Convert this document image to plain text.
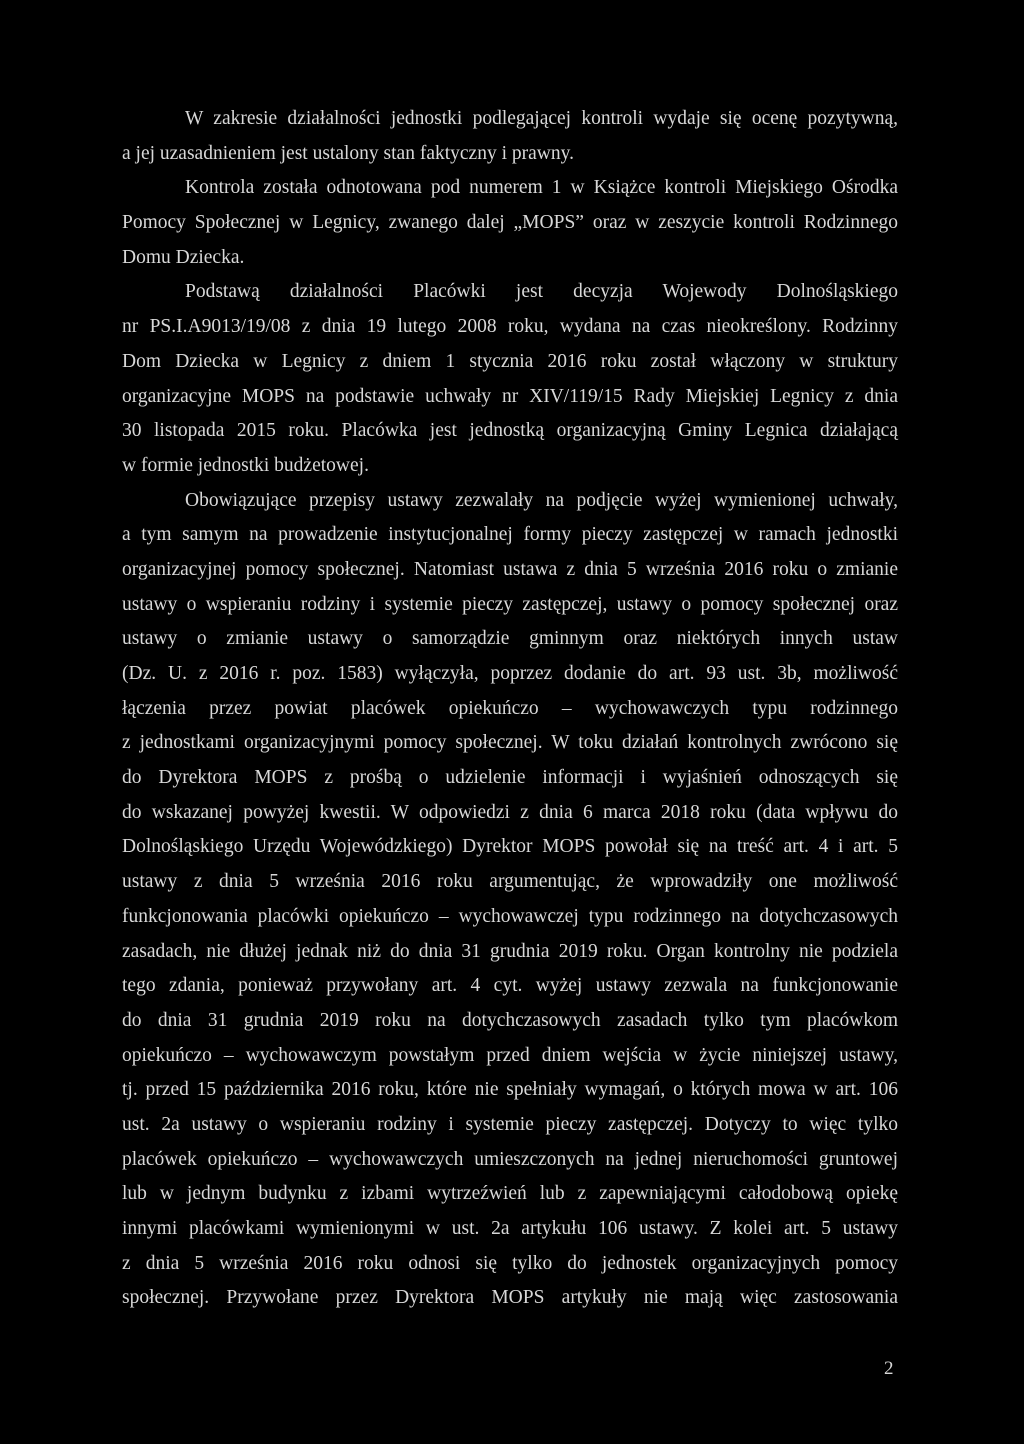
W zakresie działalności jednostki podlegającej kontroli wydaje się ocenę pozytywną,
a jej uzasadnieniem jest ustalony stan faktyczny i prawny.
Kontrola została odnotowana pod numerem 1 w Książce kontroli Miejskiego Ośrodka
Pomocy Społecznej w Legnicy, zwanego dalej „MOPS” oraz w zeszycie kontroli Rodzinnego
Domu Dziecka.
Podstawą działalności Placówki jest decyzja Wojewody Dolnośląskiego
nr PS.I.A9013/19/08 z dnia 19 lutego 2008 roku, wydana na czas nieokreślony. Rodzinny
Dom Dziecka w Legnicy z dniem 1 stycznia 2016 roku został włączony w struktury
organizacyjne MOPS na podstawie uchwały nr XIV/119/15 Rady Miejskiej Legnicy z dnia
30 listopada 2015 roku. Placówka jest jednostką organizacyjną Gminy Legnica działającą
w formie jednostki budżetowej.
Obowiązujące przepisy ustawy zezwalały na podjęcie wyżej wymienionej uchwały,
a tym samym na prowadzenie instytucjonalnej formy pieczy zastępczej w ramach jednostki
organizacyjnej pomocy społecznej. Natomiast ustawa z dnia 5 września 2016 roku o zmianie
ustawy o wspieraniu rodziny i systemie pieczy zastępczej, ustawy o pomocy społecznej oraz
ustawy o zmianie ustawy o samorządzie gminnym oraz niektórych innych ustaw
(Dz. U. z 2016 r. poz. 1583) wyłączyła, poprzez dodanie do art. 93 ust. 3b, możliwość
łączenia przez powiat placówek opiekuńczo – wychowawczych typu rodzinnego
z jednostkami organizacyjnymi pomocy społecznej. W toku działań kontrolnych zwrócono się
do Dyrektora MOPS z prośbą o udzielenie informacji i wyjaśnień odnoszących się
do wskazanej powyżej kwestii. W odpowiedzi z dnia 6 marca 2018 roku (data wpływu do
Dolnośląskiego Urzędu Wojewódzkiego) Dyrektor MOPS powołał się na treść art. 4 i art. 5
ustawy z dnia 5 września 2016 roku argumentując, że wprowadziły one możliwość
funkcjonowania placówki opiekuńczo – wychowawczej typu rodzinnego na dotychczasowych
zasadach, nie dłużej jednak niż do dnia 31 grudnia 2019 roku. Organ kontrolny nie podziela
tego zdania, ponieważ przywołany art. 4 cyt. wyżej ustawy zezwala na funkcjonowanie
do dnia 31 grudnia 2019 roku na dotychczasowych zasadach tylko tym placówkom
opiekuńczo – wychowawczym powstałym przed dniem wejścia w życie niniejszej ustawy,
tj. przed 15 października 2016 roku, które nie spełniały wymagań, o których mowa w art. 106
ust. 2a ustawy o wspieraniu rodziny i systemie pieczy zastępczej. Dotyczy to więc tylko
placówek opiekuńczo – wychowawczych umieszczonych na jednej nieruchomości gruntowej
lub w jednym budynku z izbami wytrzeźwień lub z zapewniającymi całodobową opiekę
innymi placówkami wymienionymi w ust. 2a artykułu 106 ustawy. Z kolei art. 5 ustawy
z dnia 5 września 2016 roku odnosi się tylko do jednostek organizacyjnych pomocy
społecznej. Przywołane przez Dyrektora MOPS artykuły nie mają więc zastosowania
2
